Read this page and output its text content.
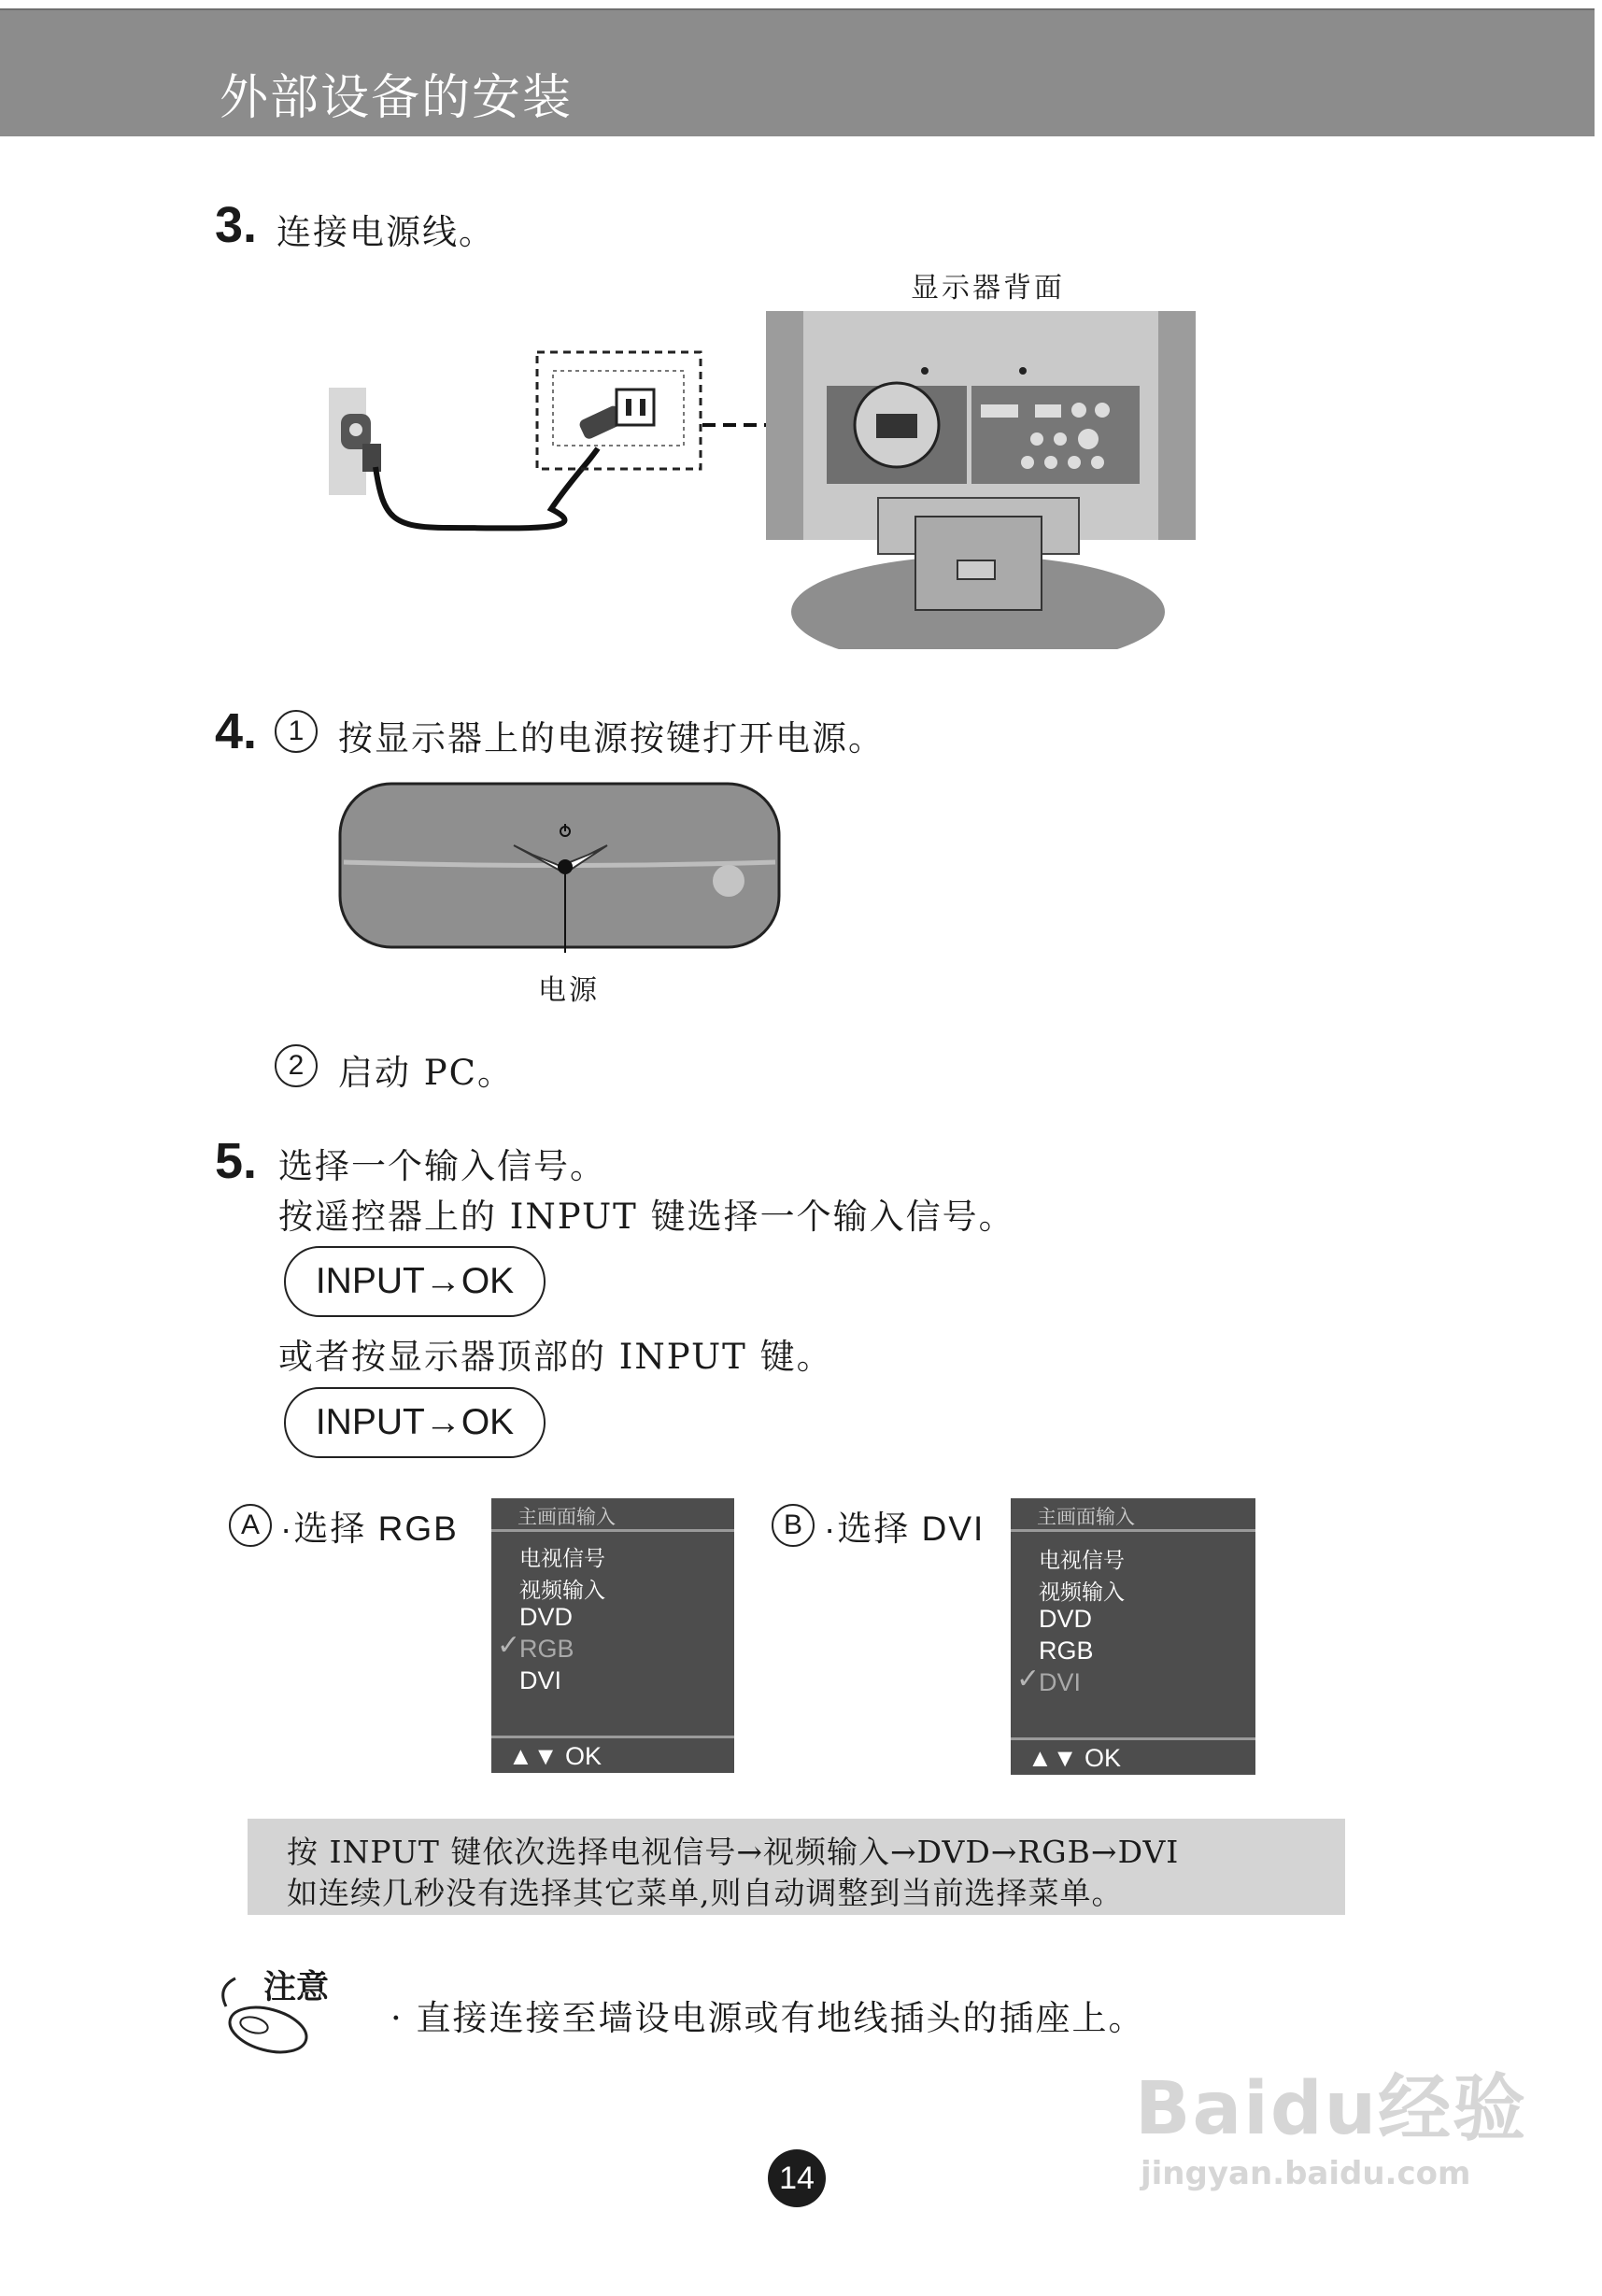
外部设备的安装
3. 连接电源线。
显示器背面
4.	1 按显示器上的电源按键打开电源。
电源
2 启动 PC。
5. 选择一个输入信号。
按遥控器上的 INPUT 键选择一个输入信号。
INPUT→OK
或者按显示器顶部的 INPUT 键。
INPUT→OK
A ·选择 RGB	B ·选择 DVI
主画面输入
电视信号
视频输入
DVD
✓
RGB
DVI
▲▼ OK
主画面输入
电视信号
视频输入
DVD
RGB
✓
DVI
▲▼ OK
按 INPUT 键依次选择电视信号→视频输入→DVD→RGB→DVI
如连续几秒没有选择其它菜单,则自动调整到当前选择菜单。
注意
· 直接连接至墙设电源或有地线插头的插座上。
14
Baidu经验
jingyan.baidu.com
